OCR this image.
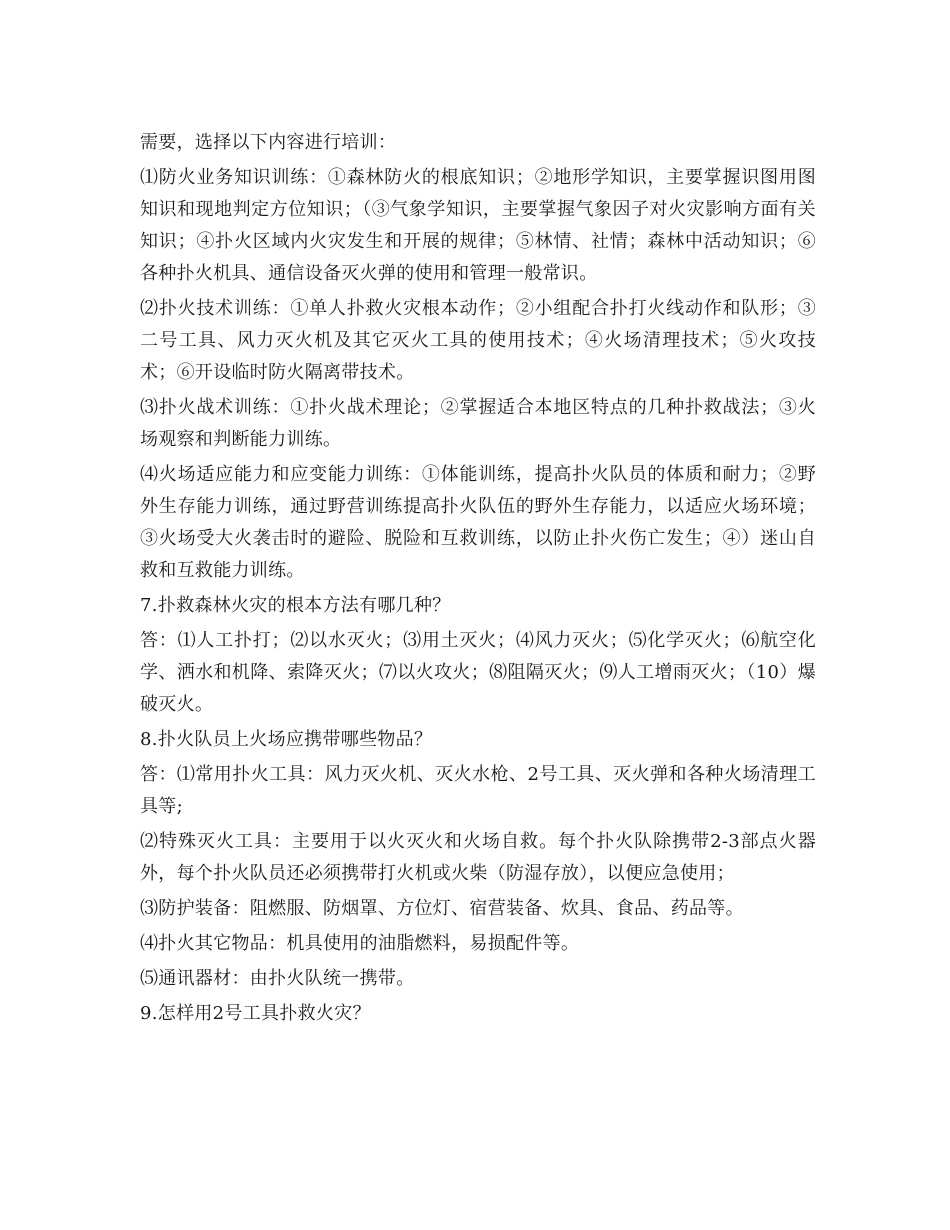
需要，选择以下内容进行培训：

⑴防火业务知识训练：①森林防火的根底知识；②地形学知识，主要掌握识图用图知识和现地判定方位知识；（③气象学知识，主要掌握气象因子对火灾影响方面有关知识；④扑火区域内火灾发生和开展的规律；⑤林情、社情；森林中活动知识；⑥各种扑火机具、通信设备灭火弹的使用和管理一般常识。

⑵扑火技术训练：①单人扑救火灾根本动作；②小组配合扑打火线动作和队形；③二号工具、风力灭火机及其它灭火工具的使用技术；④火场清理技术；⑤火攻技术；⑥开设临时防火隔离带技术。

⑶扑火战术训练：①扑火战术理论；②掌握适合本地区特点的几种扑救战法；③火场观察和判断能力训练。

⑷火场适应能力和应变能力训练：①体能训练，提高扑火队员的体质和耐力；②野外生存能力训练，通过野营训练提高扑火队伍的野外生存能力，以适应火场环境；③火场受大火袭击时的避险、脱险和互救训练，以防止扑火伤亡发生；④）迷山自救和互救能力训练。

7.扑救森林火灾的根本方法有哪几种？

答：⑴人工扑打；⑵以水灭火；⑶用土灭火；⑷风力灭火；⑸化学灭火；⑹航空化学、洒水和机降、索降灭火；⑺以火攻火；⑻阻隔灭火；⑼人工增雨灭火；（10）爆破灭火。

8.扑火队员上火场应携带哪些物品？

答：⑴常用扑火工具：风力灭火机、灭火水枪、2号工具、灭火弹和各种火场清理工具等;

⑵特殊灭火工具：主要用于以火灭火和火场自救。每个扑火队除携带2-3部点火器外，每个扑火队员还必须携带打火机或火柴（防湿存放），以便应急使用；

⑶防护装备：阻燃服、防烟罩、方位灯、宿营装备、炊具、食品、药品等。

⑷扑火其它物品：机具使用的油脂燃料，易损配件等。

⑸通讯器材：由扑火队统一携带。

9.怎样用2号工具扑救火灾？
